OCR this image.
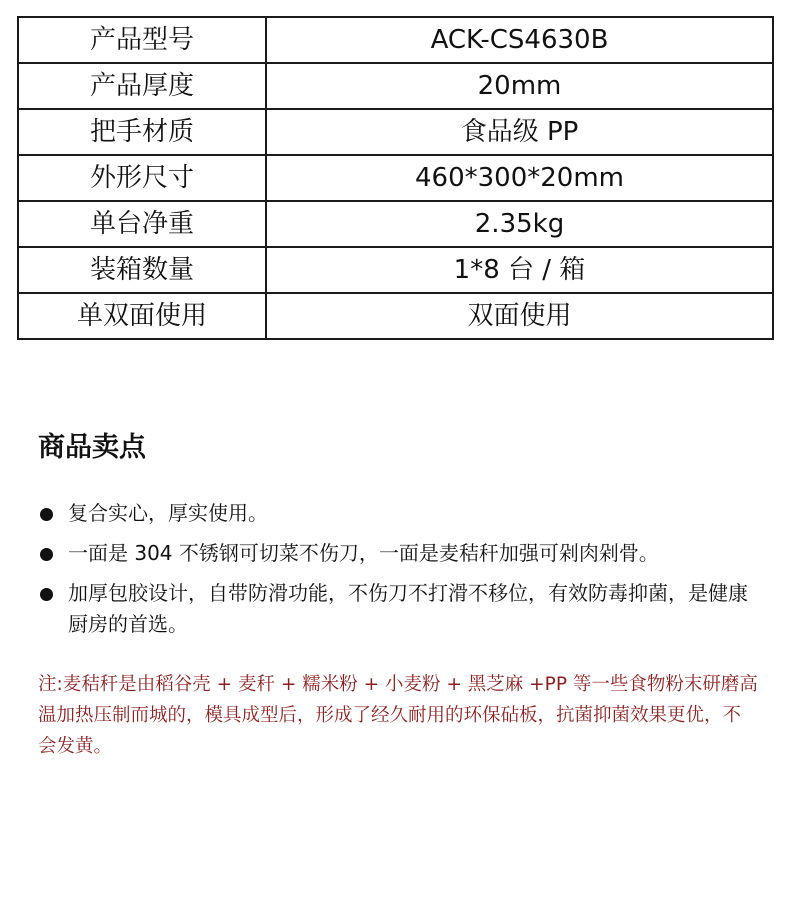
产品型号	ACK-CS4630B
产品厚度	20mm
把手材质	食品级 PP
外形尺寸	460*300*20mm
单台净重	2.35kg
装箱数量	1*8 台 / 箱
单双面使用	双面使用
商品卖点
复合实心，厚实使用。
一面是 304 不锈钢可切菜不伤刀，一面是麦秸秆加强可剁肉剁骨。
加厚包胶设计，自带防滑功能，不伤刀不打滑不移位，有效防毒抑菌，是健康厨房的首选。

注:麦秸秆是由稻谷壳 + 麦秆 + 糯米粉 + 小麦粉 + 黑芝麻 +PP 等一些食物粉末研磨高温加热压制而城的，模具成型后，形成了经久耐用的环保砧板，抗菌抑菌效果更优，不会发黄。
